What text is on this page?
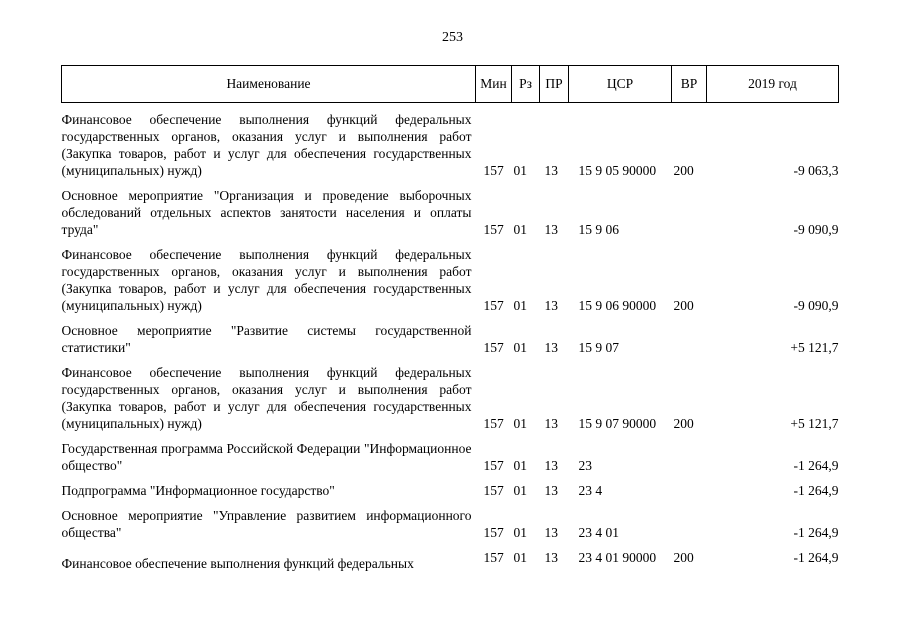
253
Наименование	Мин	Рз	ПР	ЦСР	ВР	2019 год

Финансовое обеспечение выполнения функций федеральных государственных органов, оказания услуг и выполнения работ (Закупка товаров, работ и услуг для обеспечения государственных (муниципальных) нужд)	157	01	13	15 9 05 90000	200	-9 063,3

Основное мероприятие "Организация и проведение выборочных обследований отдельных аспектов занятости населения и оплаты труда"	157	01	13	15 9 06		-9 090,9

Финансовое обеспечение выполнения функций федеральных государственных органов, оказания услуг и выполнения работ (Закупка товаров, работ и услуг для обеспечения государственных (муниципальных) нужд)	157	01	13	15 9 06 90000	200	-9 090,9

Основное мероприятие "Развитие системы государственной статистики"	157	01	13	15 9 07		+5 121,7

Финансовое обеспечение выполнения функций федеральных государственных органов, оказания услуг и выполнения работ (Закупка товаров, работ и услуг для обеспечения государственных (муниципальных) нужд)	157	01	13	15 9 07 90000	200	+5 121,7

Государственная программа Российской Федерации "Информационное общество"	157	01	13	23		-1 264,9

Подпрограмма "Информационное государство"	157	01	13	23 4		-1 264,9

Основное мероприятие "Управление развитием информационного общества"	157	01	13	23 4 01		-1 264,9

Финансовое обеспечение выполнения функций федеральных	157	01	13	23 4 01 90000	200	-1 264,9
